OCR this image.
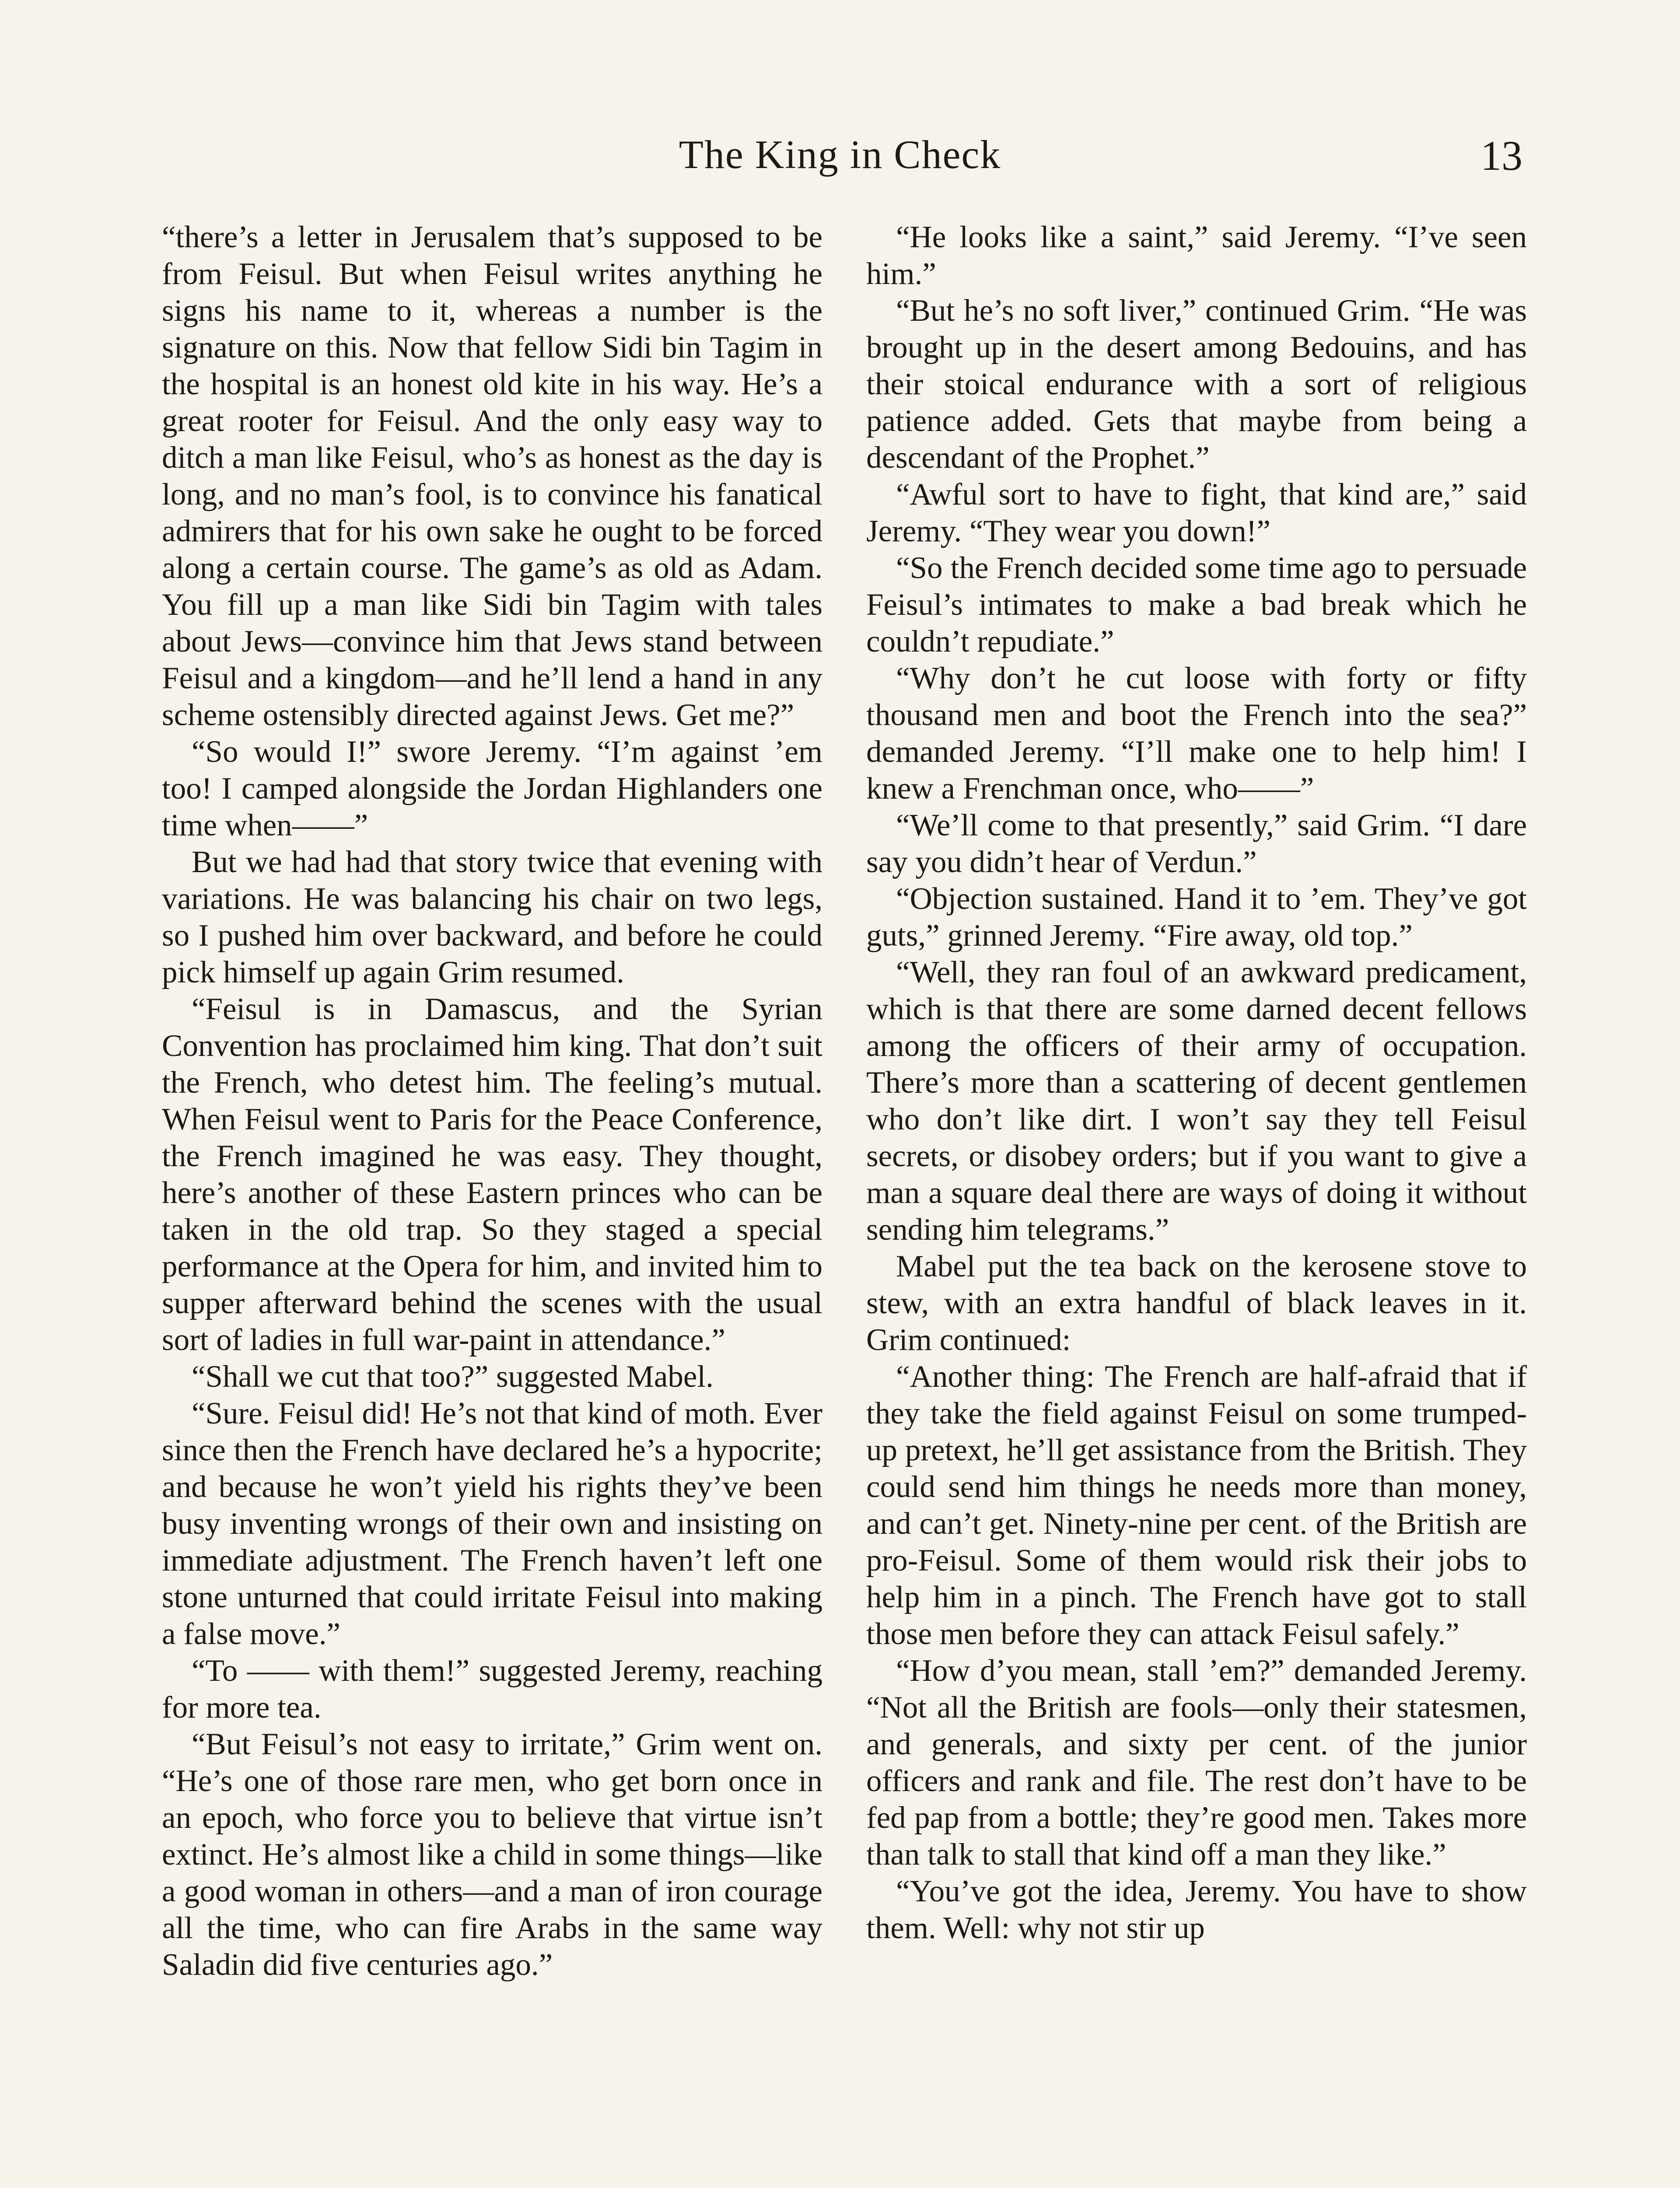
The King in Check	13

“there’s a letter in Jerusalem that’s supposed to be from Feisul. But when Feisul writes anything he signs his name to it, whereas a number is the signature on this. Now that fellow Sidi bin Tagim in the hospital is an honest old kite in his way. He’s a great rooter for Feisul. And the only easy way to ditch a man like Feisul, who’s as honest as the day is long, and no man’s fool, is to convince his fanatical admirers that for his own sake he ought to be forced along a certain course. The game’s as old as Adam. You fill up a man like Sidi bin Tagim with tales about Jews—convince him that Jews stand between Feisul and a kingdom—and he’ll lend a hand in any scheme ostensibly directed against Jews. Get me?”

“So would I!” swore Jeremy. “I’m against ’em too! I camped alongside the Jordan Highlanders one time when——”

But we had had that story twice that evening with variations. He was balancing his chair on two legs, so I pushed him over backward, and before he could pick himself up again Grim resumed.

“Feisul is in Damascus, and the Syrian Convention has proclaimed him king. That don’t suit the French, who detest him. The feeling’s mutual. When Feisul went to Paris for the Peace Conference, the French imagined he was easy. They thought, here’s another of these Eastern princes who can be taken in the old trap. So they staged a special performance at the Opera for him, and invited him to supper afterward behind the scenes with the usual sort of ladies in full war-paint in attendance.”

“Shall we cut that too?” suggested Mabel.

“Sure. Feisul did! He’s not that kind of moth. Ever since then the French have declared he’s a hypocrite; and because he won’t yield his rights they’ve been busy inventing wrongs of their own and insisting on immediate adjustment. The French haven’t left one stone unturned that could irritate Feisul into making a false move.”

“To —— with them!” suggested Jeremy, reaching for more tea.

“But Feisul’s not easy to irritate,” Grim went on. “He’s one of those rare men, who get born once in an epoch, who force you to believe that virtue isn’t extinct. He’s almost like a child in some things—like a good woman in others—and a man of iron courage all the time, who can fire Arabs in the same way Saladin did five centuries ago.”

“He looks like a saint,” said Jeremy. “I’ve seen him.”

“But he’s no soft liver,” continued Grim. “He was brought up in the desert among Bedouins, and has their stoical endurance with a sort of religious patience added. Gets that maybe from being a descendant of the Prophet.”

“Awful sort to have to fight, that kind are,” said Jeremy. “They wear you down!”

“So the French decided some time ago to persuade Feisul’s intimates to make a bad break which he couldn’t repudiate.”

“Why don’t he cut loose with forty or fifty thousand men and boot the French into the sea?” demanded Jeremy. “I’ll make one to help him! I knew a Frenchman once, who——”

“We’ll come to that presently,” said Grim. “I dare say you didn’t hear of Verdun.”

“Objection sustained. Hand it to ’em. They’ve got guts,” grinned Jeremy. “Fire away, old top.”

“Well, they ran foul of an awkward predicament, which is that there are some darned decent fellows among the officers of their army of occupation. There’s more than a scattering of decent gentlemen who don’t like dirt. I won’t say they tell Feisul secrets, or disobey orders; but if you want to give a man a square deal there are ways of doing it without sending him telegrams.”

Mabel put the tea back on the kerosene stove to stew, with an extra handful of black leaves in it. Grim continued:

“Another thing: The French are half-afraid that if they take the field against Feisul on some trumped-up pretext, he’ll get assistance from the British. They could send him things he needs more than money, and can’t get. Ninety-nine per cent. of the British are pro-Feisul. Some of them would risk their jobs to help him in a pinch. The French have got to stall those men before they can attack Feisul safely.”

“How d’you mean, stall ’em?” demanded Jeremy. “Not all the British are fools—only their statesmen, and generals, and sixty per cent. of the junior officers and rank and file. The rest don’t have to be fed pap from a bottle; they’re good men. Takes more than talk to stall that kind off a man they like.”

“You’ve got the idea, Jeremy. You have to show them. Well: why not stir up
